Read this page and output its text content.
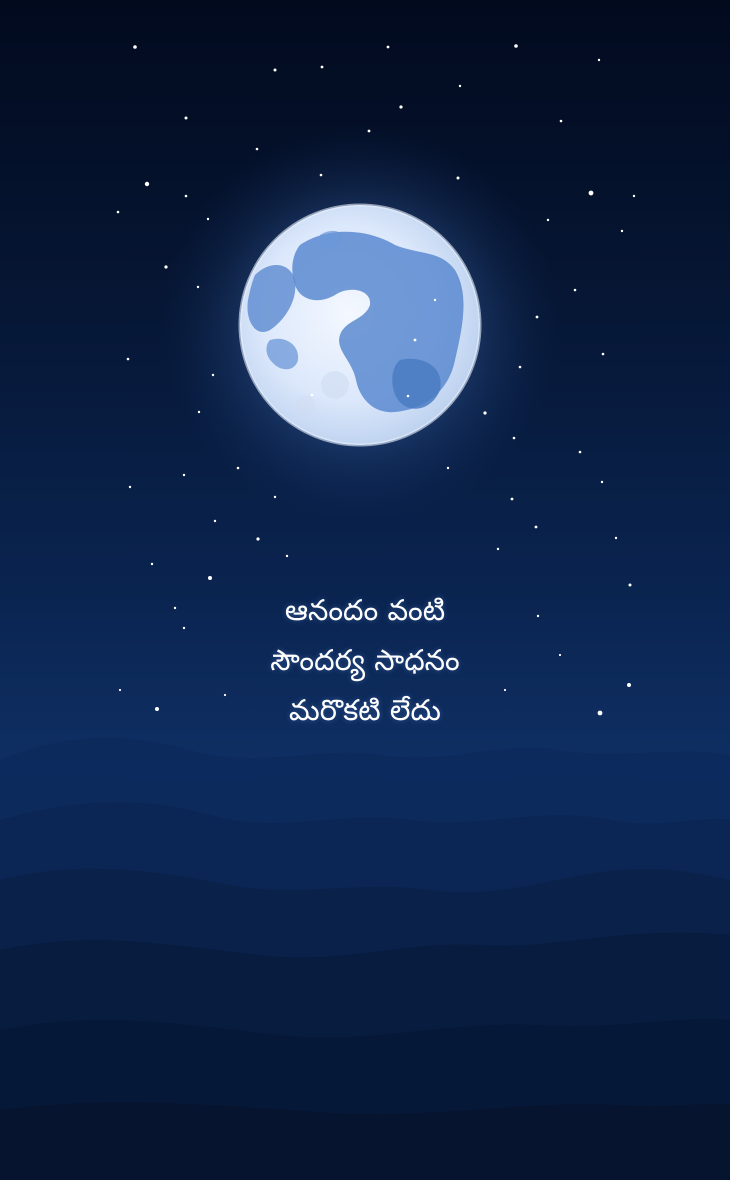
ఆనందం వంటి
సౌందర్య సాధనం
మరొకటి లేదు
